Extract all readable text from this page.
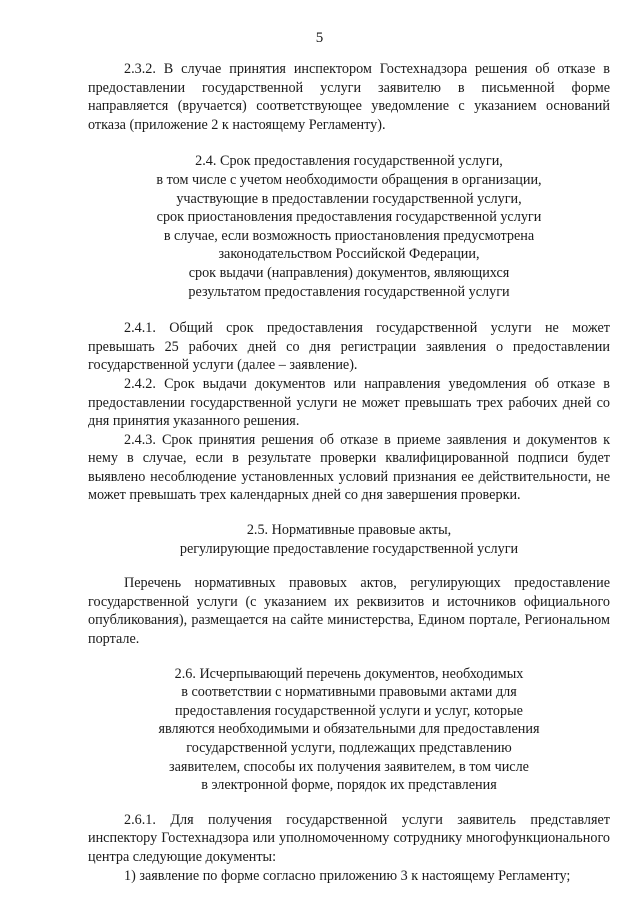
5

2.3.2. В случае принятия инспектором Гостехнадзора решения об отказе в предоставлении государственной услуги заявителю в письменной форме направляется (вручается) соответствующее уведомление с указанием оснований отказа (приложение 2 к настоящему Регламенту).

2.4. Срок предоставления государственной услуги,
в том числе с учетом необходимости обращения в организации,
участвующие в предоставлении государственной услуги,
срок приостановления предоставления государственной услуги
в случае, если возможность приостановления предусмотрена
законодательством Российской Федерации,
срок выдачи (направления) документов, являющихся
результатом предоставления государственной услуги

2.4.1. Общий срок предоставления государственной услуги не может превышать 25 рабочих дней со дня регистрации заявления о предоставлении государственной услуги (далее – заявление).

2.4.2. Срок выдачи документов или направления уведомления об отказе в предоставлении государственной услуги не может превышать трех рабочих дней со дня принятия указанного решения.

2.4.3. Срок принятия решения об отказе в приеме заявления и документов к нему в случае, если в результате проверки квалифицированной подписи будет выявлено несоблюдение установленных условий признания ее действительности, не может превышать трех календарных дней со дня завершения проверки.

2.5. Нормативные правовые акты,
регулирующие предоставление государственной услуги

Перечень нормативных правовых актов, регулирующих предоставление государственной услуги (с указанием их реквизитов и источников официального опубликования), размещается на сайте министерства, Едином портале, Региональном портале.

2.6. Исчерпывающий перечень документов, необходимых
в соответствии с нормативными правовыми актами для
предоставления государственной услуги и услуг, которые
являются необходимыми и обязательными для предоставления
государственной услуги, подлежащих представлению
заявителем, способы их получения заявителем, в том числе
в электронной форме, порядок их представления

2.6.1. Для получения государственной услуги заявитель представляет инспектору Гостехнадзора или уполномоченному сотруднику многофункционального центра следующие документы:

1) заявление по форме согласно приложению 3 к настоящему Регламенту;
